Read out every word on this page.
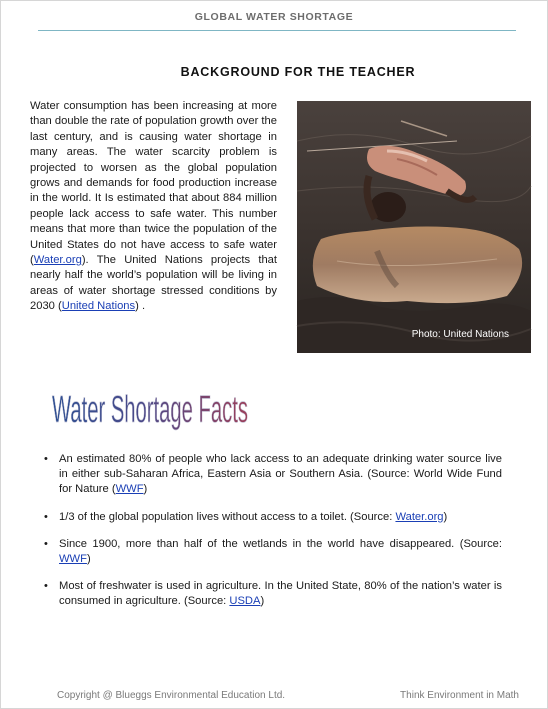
GLOBAL WATER SHORTAGE
BACKGROUND FOR THE TEACHER

Water consumption has been increasing at more than double the rate of population growth over the last century, and is causing water shortage in many areas. The water scarcity problem is projected to worsen as the global population grows and demands for food production increase in the world. It Is estimated that about 884 million people lack access to safe water. This number means that more than twice the population of the United States do not have access to safe water (Water.org). The United Nations projects that nearly half the world’s population will be living in areas of water shortage stressed conditions by 2030 (United Nations) .

Photo: United Nations
Water Shortage Facts
• An estimated 80% of people who lack access to an adequate drinking water source live in either sub-Saharan Africa, Eastern Asia or Southern Asia. (Source: World Wide Fund for Nature (WWF)
• 1/3 of the global population lives without access to a toilet. (Source: Water.org)
• Since 1900, more than half of the wetlands in the world have disappeared. (Source: WWF)
• Most of freshwater is used in agriculture. In the United State, 80% of the nation’s water is consumed in agriculture. (Source: USDA)
Copyright @ Blueggs Environmental Education Ltd.	Think Environment in Math
